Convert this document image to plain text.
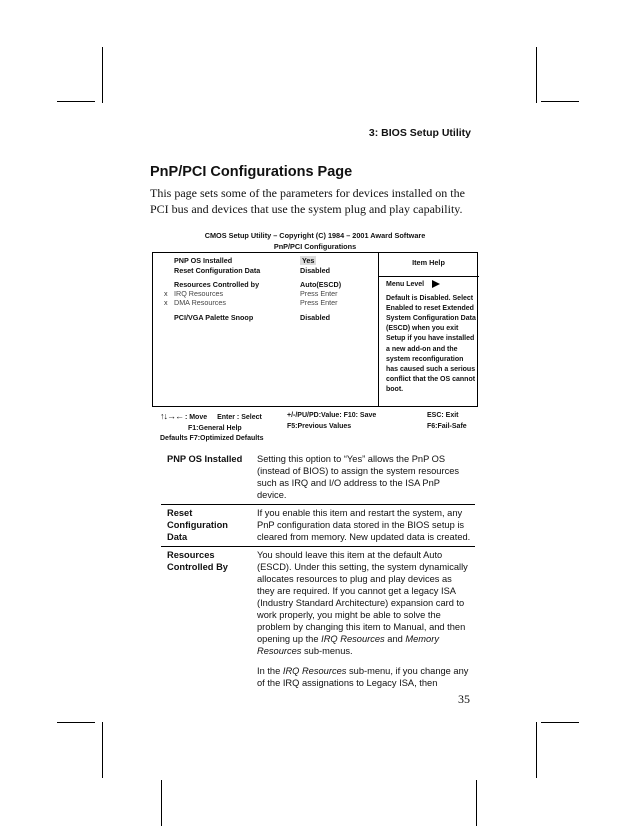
3: BIOS Setup Utility
PnP/PCI Configurations Page
This page sets some of the parameters for devices installed on the PCI bus and devices that use the system plug and play capability.
CMOS Setup Utility – Copyright (C) 1984 – 2001 Award Software
PnP/PCI Configurations
PNP OS Installed	Yes
Reset Configuration Data	Disabled
Resources Controlled by	Auto(ESCD)
x IRQ Resources	Press Enter
x DMA Resources	Press Enter
PCI/VGA Palette Snoop	Disabled
Item Help
Menu Level
Default is Disabled. Select Enabled to reset Extended System Configuration Data (ESCD) when you exit Setup if you have installed a new add-on and the system reconfiguration has caused such a serious conflict that the OS cannot boot.
↑↓→← : Move Enter : Select
F1:General Help
Defaults F7:Optimized Defaults
+/-/PU/PD:Value: F10: Save
F5:Previous Values
ESC: Exit
F6:Fail-Safe
PNP OS Installed	Setting this option to “Yes” allows the PnP OS (instead of BIOS) to assign the system resources such as IRQ and I/O address to the ISA PnP device.
Reset Configuration Data	If you enable this item and restart the system, any PnP configuration data stored in the BIOS setup is cleared from memory. New updated data is created.
Resources Controlled By	You should leave this item at the default Auto (ESCD). Under this setting, the system dynamically allocates resources to plug and play devices as they are required. If you cannot get a legacy ISA (Industry Standard Architecture) expansion card to work properly, you might be able to solve the problem by changing this item to Manual, and then opening up the IRQ Resources and Memory Resources sub-menus.

In the IRQ Resources sub-menu, if you change any of the IRQ assignations to Legacy ISA, then

35
